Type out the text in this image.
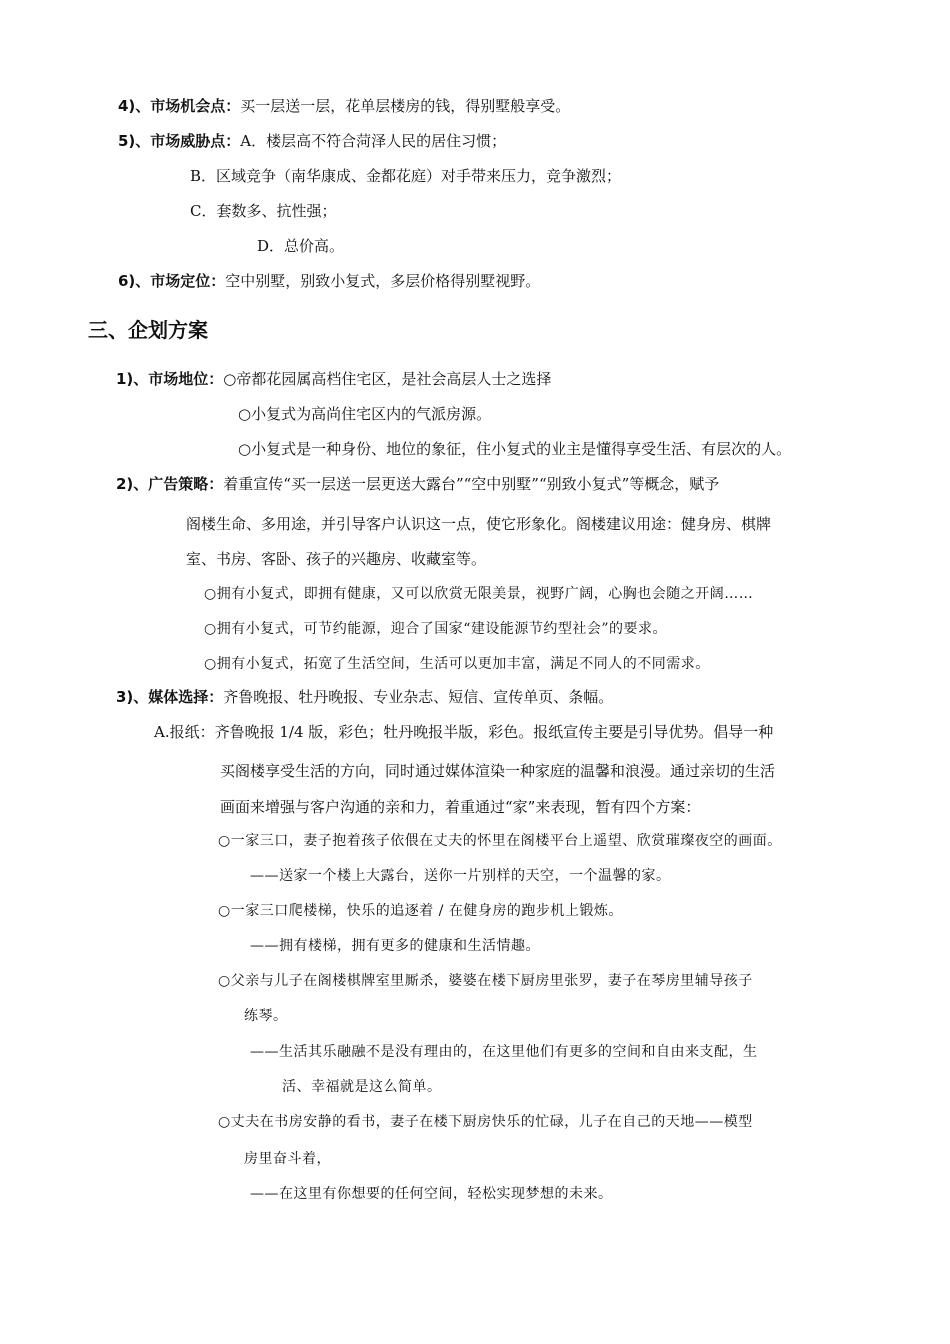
4)、市场机会点：买一层送一层，花单层楼房的钱，得别墅般享受。
5)、市场威胁点：A．楼层高不符合菏泽人民的居住习惯；
B．区域竞争（南华康成、金都花庭）对手带来压力，竞争激烈；
C．套数多、抗性强；
D．总价高。
6)、市场定位：空中别墅，别致小复式，多层价格得别墅视野。
三、企划方案
1)、市场地位：○帝都花园属高档住宅区，是社会高层人士之选择
○小复式为高尚住宅区内的气派房源。
○小复式是一种身份、地位的象征，住小复式的业主是懂得享受生活、有层次的人。
2)、广告策略：着重宣传“买一层送一层更送大露台”“空中别墅”“别致小复式”等概念，赋予
阁楼生命、多用途，并引导客户认识这一点，使它形象化。阁楼建议用途：健身房、棋牌
室、书房、客卧、孩子的兴趣房、收藏室等。
○拥有小复式，即拥有健康，又可以欣赏无限美景，视野广阔，心胸也会随之开阔……
○拥有小复式，可节约能源，迎合了国家“建设能源节约型社会”的要求。
○拥有小复式，拓宽了生活空间，生活可以更加丰富，满足不同人的不同需求。
3)、媒体选择：齐鲁晚报、牡丹晚报、专业杂志、短信、宣传单页、条幅。
A.报纸：齐鲁晚报 1/4 版，彩色；牡丹晚报半版，彩色。报纸宣传主要是引导优势。倡导一种
买阁楼享受生活的方向，同时通过媒体渲染一种家庭的温馨和浪漫。通过亲切的生活
画面来增强与客户沟通的亲和力，着重通过“家”来表现，暂有四个方案：
○一家三口，妻子抱着孩子依偎在丈夫的怀里在阁楼平台上遥望、欣赏璀璨夜空的画面。
——送家一个楼上大露台，送你一片别样的天空，一个温馨的家。
○一家三口爬楼梯，快乐的追逐着 / 在健身房的跑步机上锻炼。
——拥有楼梯，拥有更多的健康和生活情趣。
○父亲与儿子在阁楼棋牌室里厮杀，婆婆在楼下厨房里张罗，妻子在琴房里辅导孩子
练琴。
——生活其乐融融不是没有理由的，在这里他们有更多的空间和自由来支配，生
活、幸福就是这么简单。
○丈夫在书房安静的看书，妻子在楼下厨房快乐的忙碌，儿子在自己的天地——模型
房里奋斗着，
——在这里有你想要的任何空间，轻松实现梦想的未来。
